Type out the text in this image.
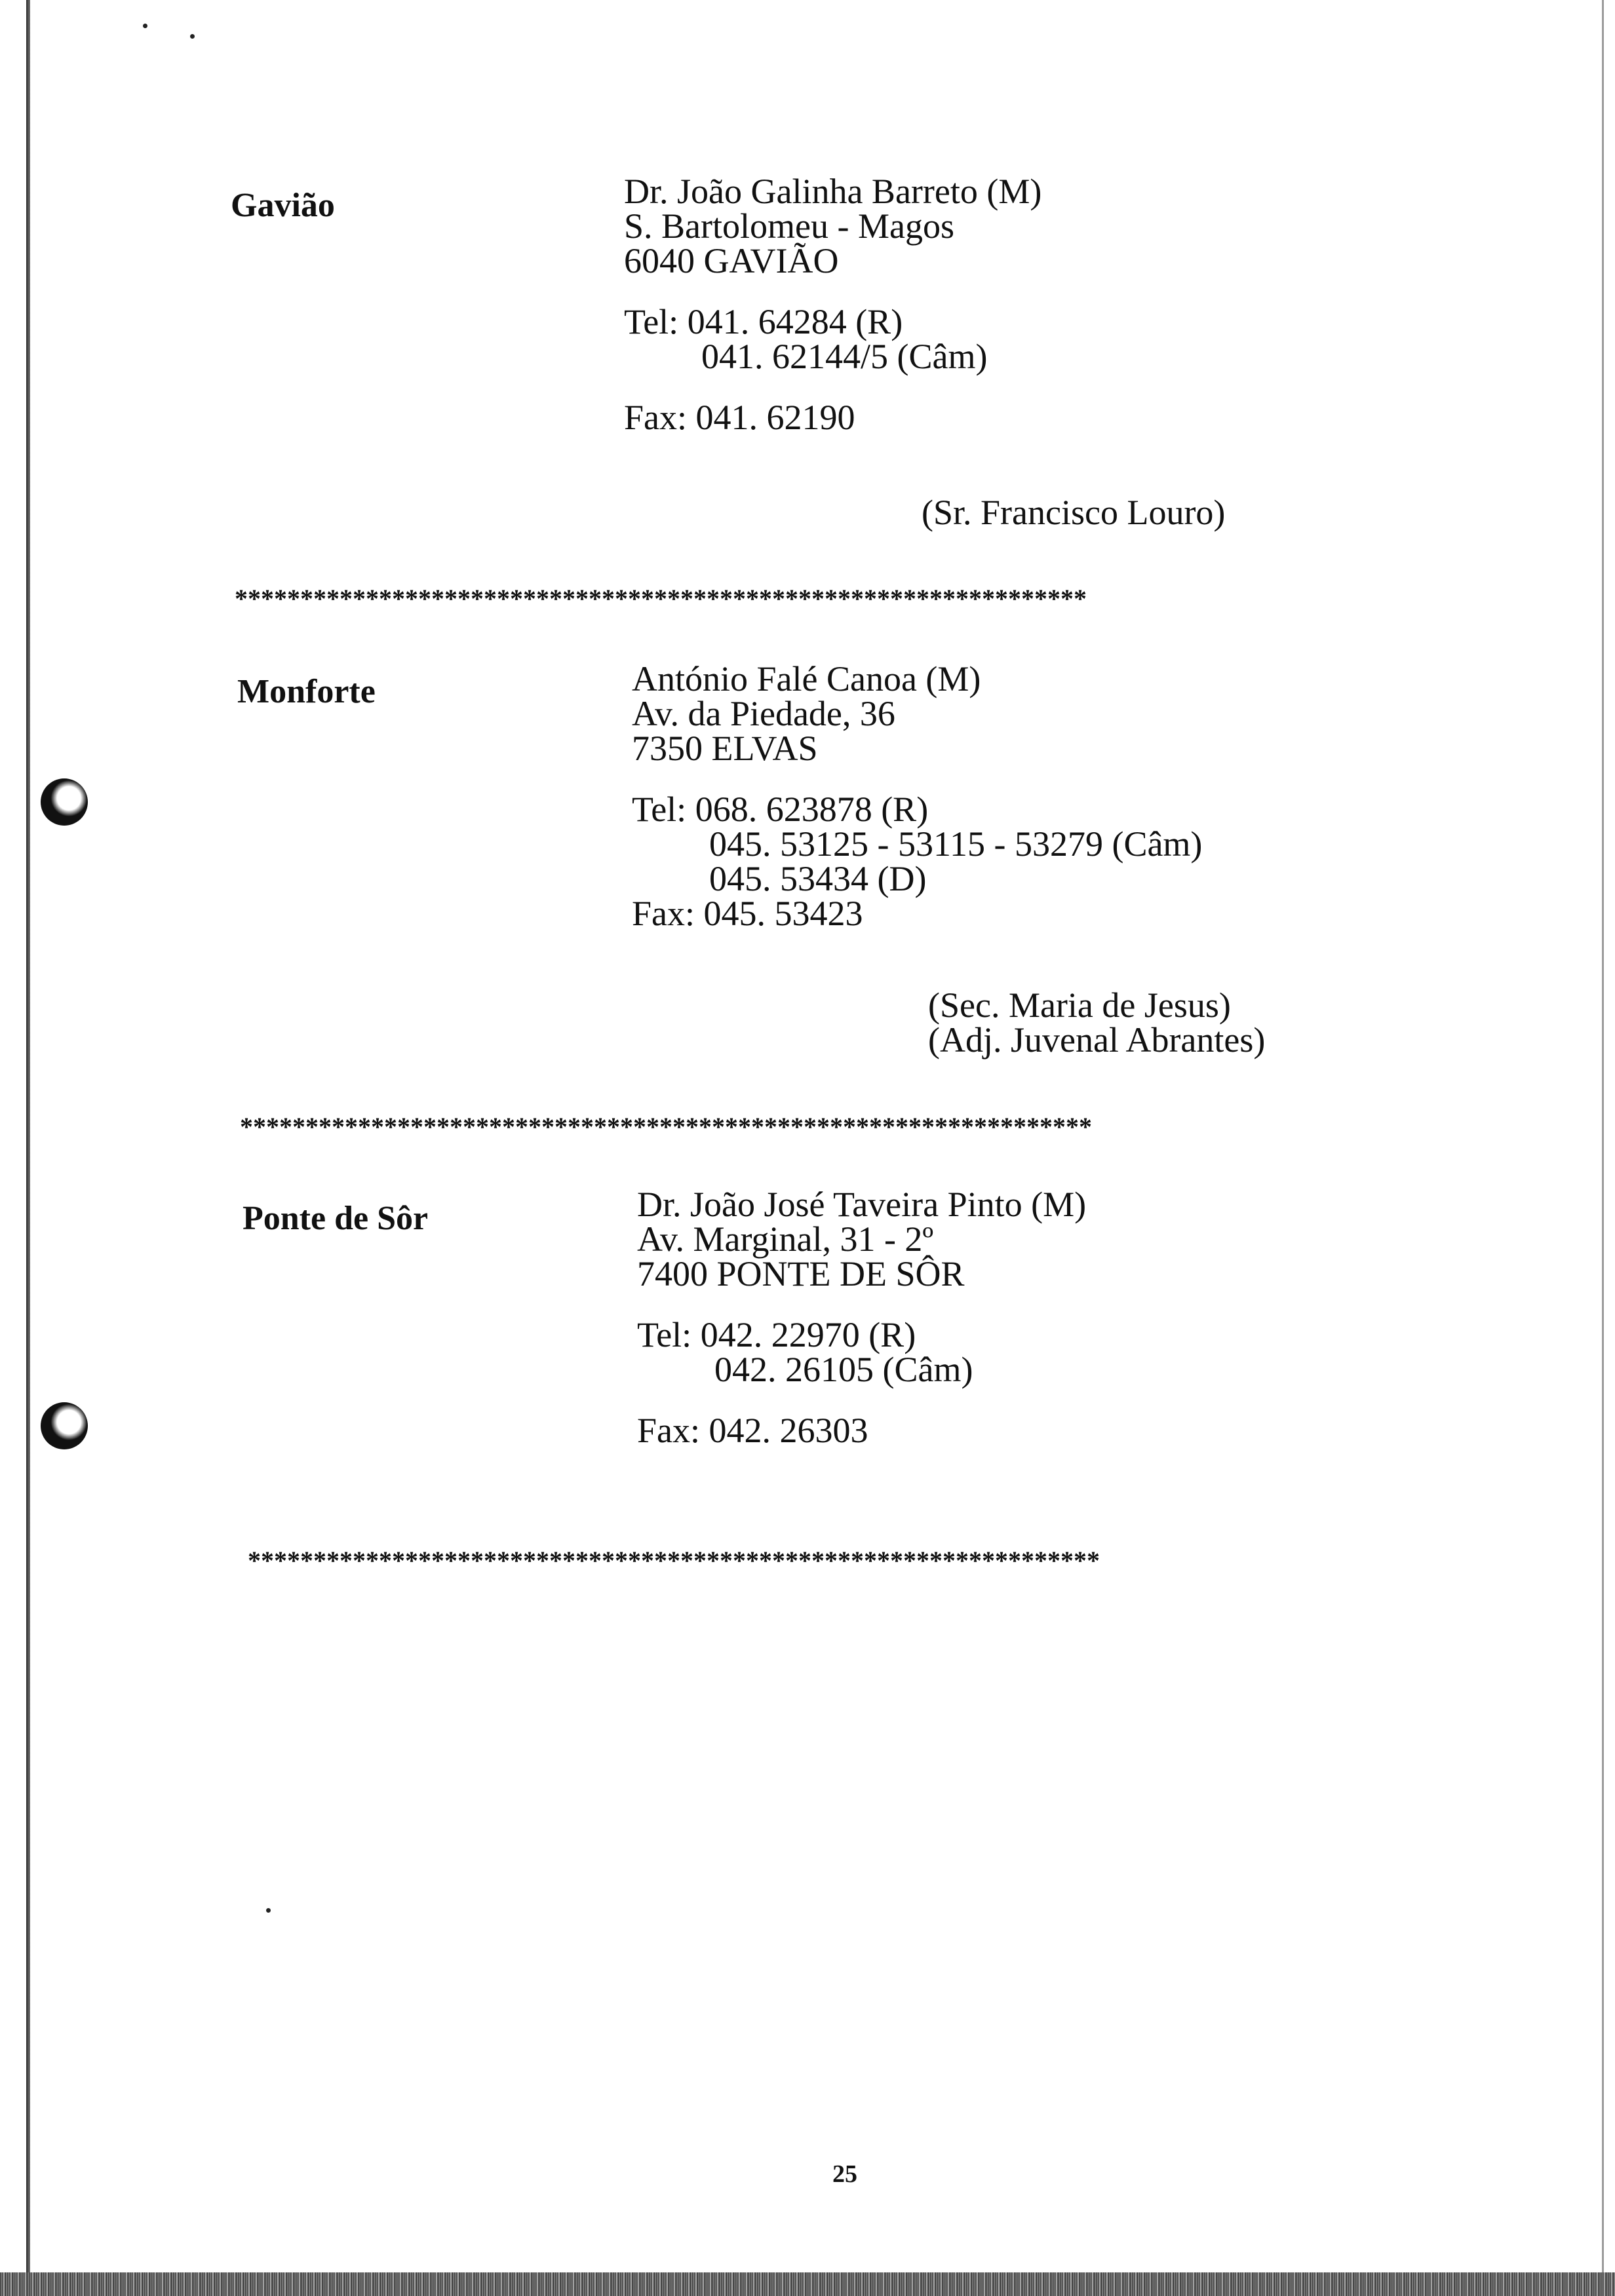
Gavião	Dr. João Galinha Barreto (M)
S. Bartolomeu - Magos
6040 GAVIÃO
Tel: 041. 64284 (R)
041. 62144/5 (Câm)
Fax: 041. 62190
(Sr. Francisco Louro)
*****************************************************************
Monforte	António Falé Canoa (M)
Av. da Piedade, 36
7350 ELVAS
Tel: 068. 623878 (R)
045. 53125 - 53115 - 53279 (Câm)
045. 53434 (D)
Fax: 045. 53423
(Sec. Maria de Jesus)
(Adj. Juvenal Abrantes)
*****************************************************************
Ponte de Sôr	Dr. João José Taveira Pinto (M)
Av. Marginal, 31 - 2º
7400 PONTE DE SÔR
Tel: 042. 22970 (R)
042. 26105 (Câm)
Fax: 042. 26303
*****************************************************************
25
